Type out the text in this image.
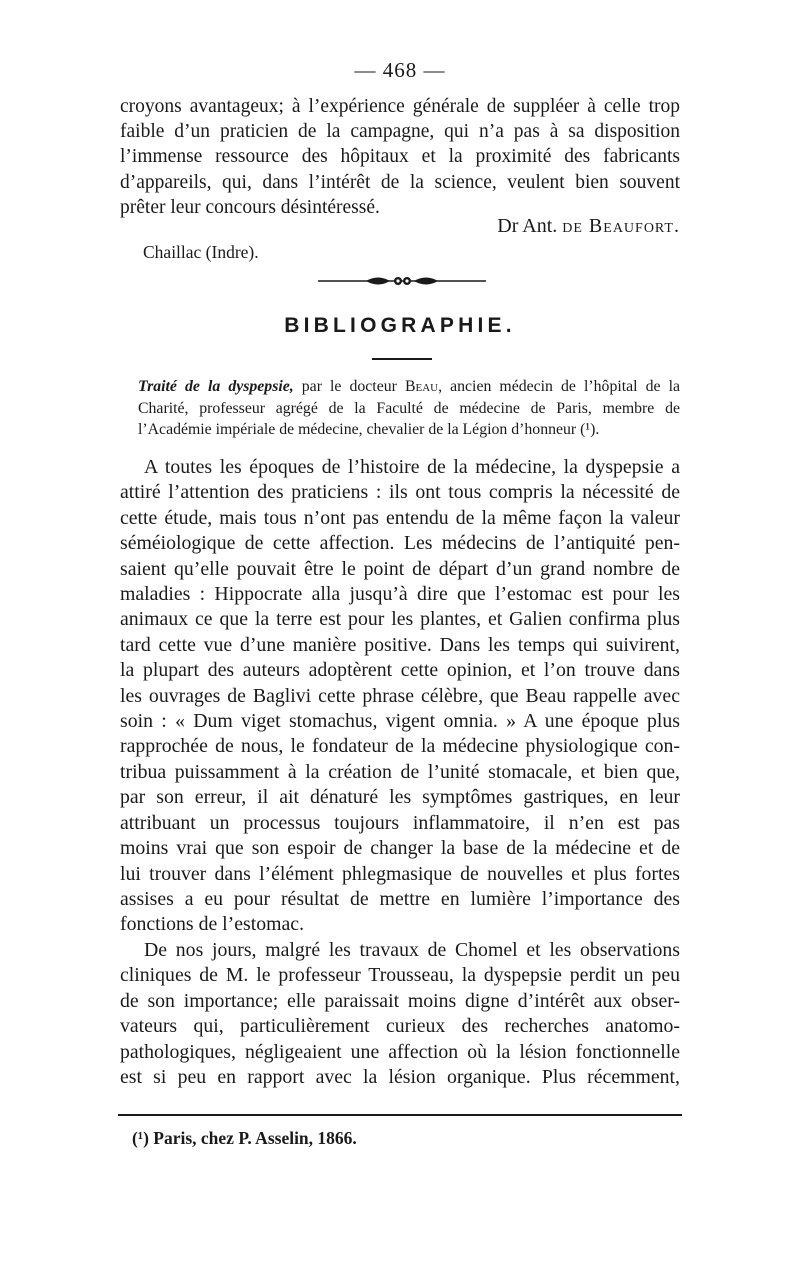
— 468 —

croyons avantageux; à l’expérience générale de suppléer à celle trop
faible d’un praticien de la campagne, qui n’a pas à sa disposition
l’immense ressource des hôpitaux et la proximité des fabricants
d’appareils, qui, dans l’intérêt de la science, veulent bien souvent
prêter leur concours désintéressé.

Dr Ant. de Beaufort.
Chaillac (Indre).
BIBLIOGRAPHIE.

Traité de la dyspepsie, par le docteur Beau, ancien médecin de l’hôpital de la
Charité, professeur agrégé de la Faculté de médecine de Paris, membre de
l’Académie impériale de médecine, chevalier de la Légion d’honneur (¹).

A toutes les époques de l’histoire de la médecine, la dyspepsie a
attiré l’attention des praticiens : ils ont tous compris la nécessité de
cette étude, mais tous n’ont pas entendu de la même façon la valeur
séméiologique de cette affection. Les médecins de l’antiquité pen-
saient qu’elle pouvait être le point de départ d’un grand nombre de
maladies : Hippocrate alla jusqu’à dire que l’estomac est pour les
animaux ce que la terre est pour les plantes, et Galien confirma plus
tard cette vue d’une manière positive. Dans les temps qui suivirent,
la plupart des auteurs adoptèrent cette opinion, et l’on trouve dans
les ouvrages de Baglivi cette phrase célèbre, que Beau rappelle avec
soin : « Dum viget stomachus, vigent omnia. » A une époque plus
rapprochée de nous, le fondateur de la médecine physiologique con-
tribua puissamment à la création de l’unité stomacale, et bien que,
par son erreur, il ait dénaturé les symptômes gastriques, en leur
attribuant un processus toujours inflammatoire, il n’en est pas
moins vrai que son espoir de changer la base de la médecine et de
lui trouver dans l’élément phlegmasique de nouvelles et plus fortes
assises a eu pour résultat de mettre en lumière l’importance des
fonctions de l’estomac.

De nos jours, malgré les travaux de Chomel et les observations
cliniques de M. le professeur Trousseau, la dyspepsie perdit un peu
de son importance; elle paraissait moins digne d’intérêt aux obser-
vateurs qui, particulièrement curieux des recherches anatomo-
pathologiques, négligeaient une affection où la lésion fonctionnelle
est si peu en rapport avec la lésion organique. Plus récemment,

(¹) Paris, chez P. Asselin, 1866.
